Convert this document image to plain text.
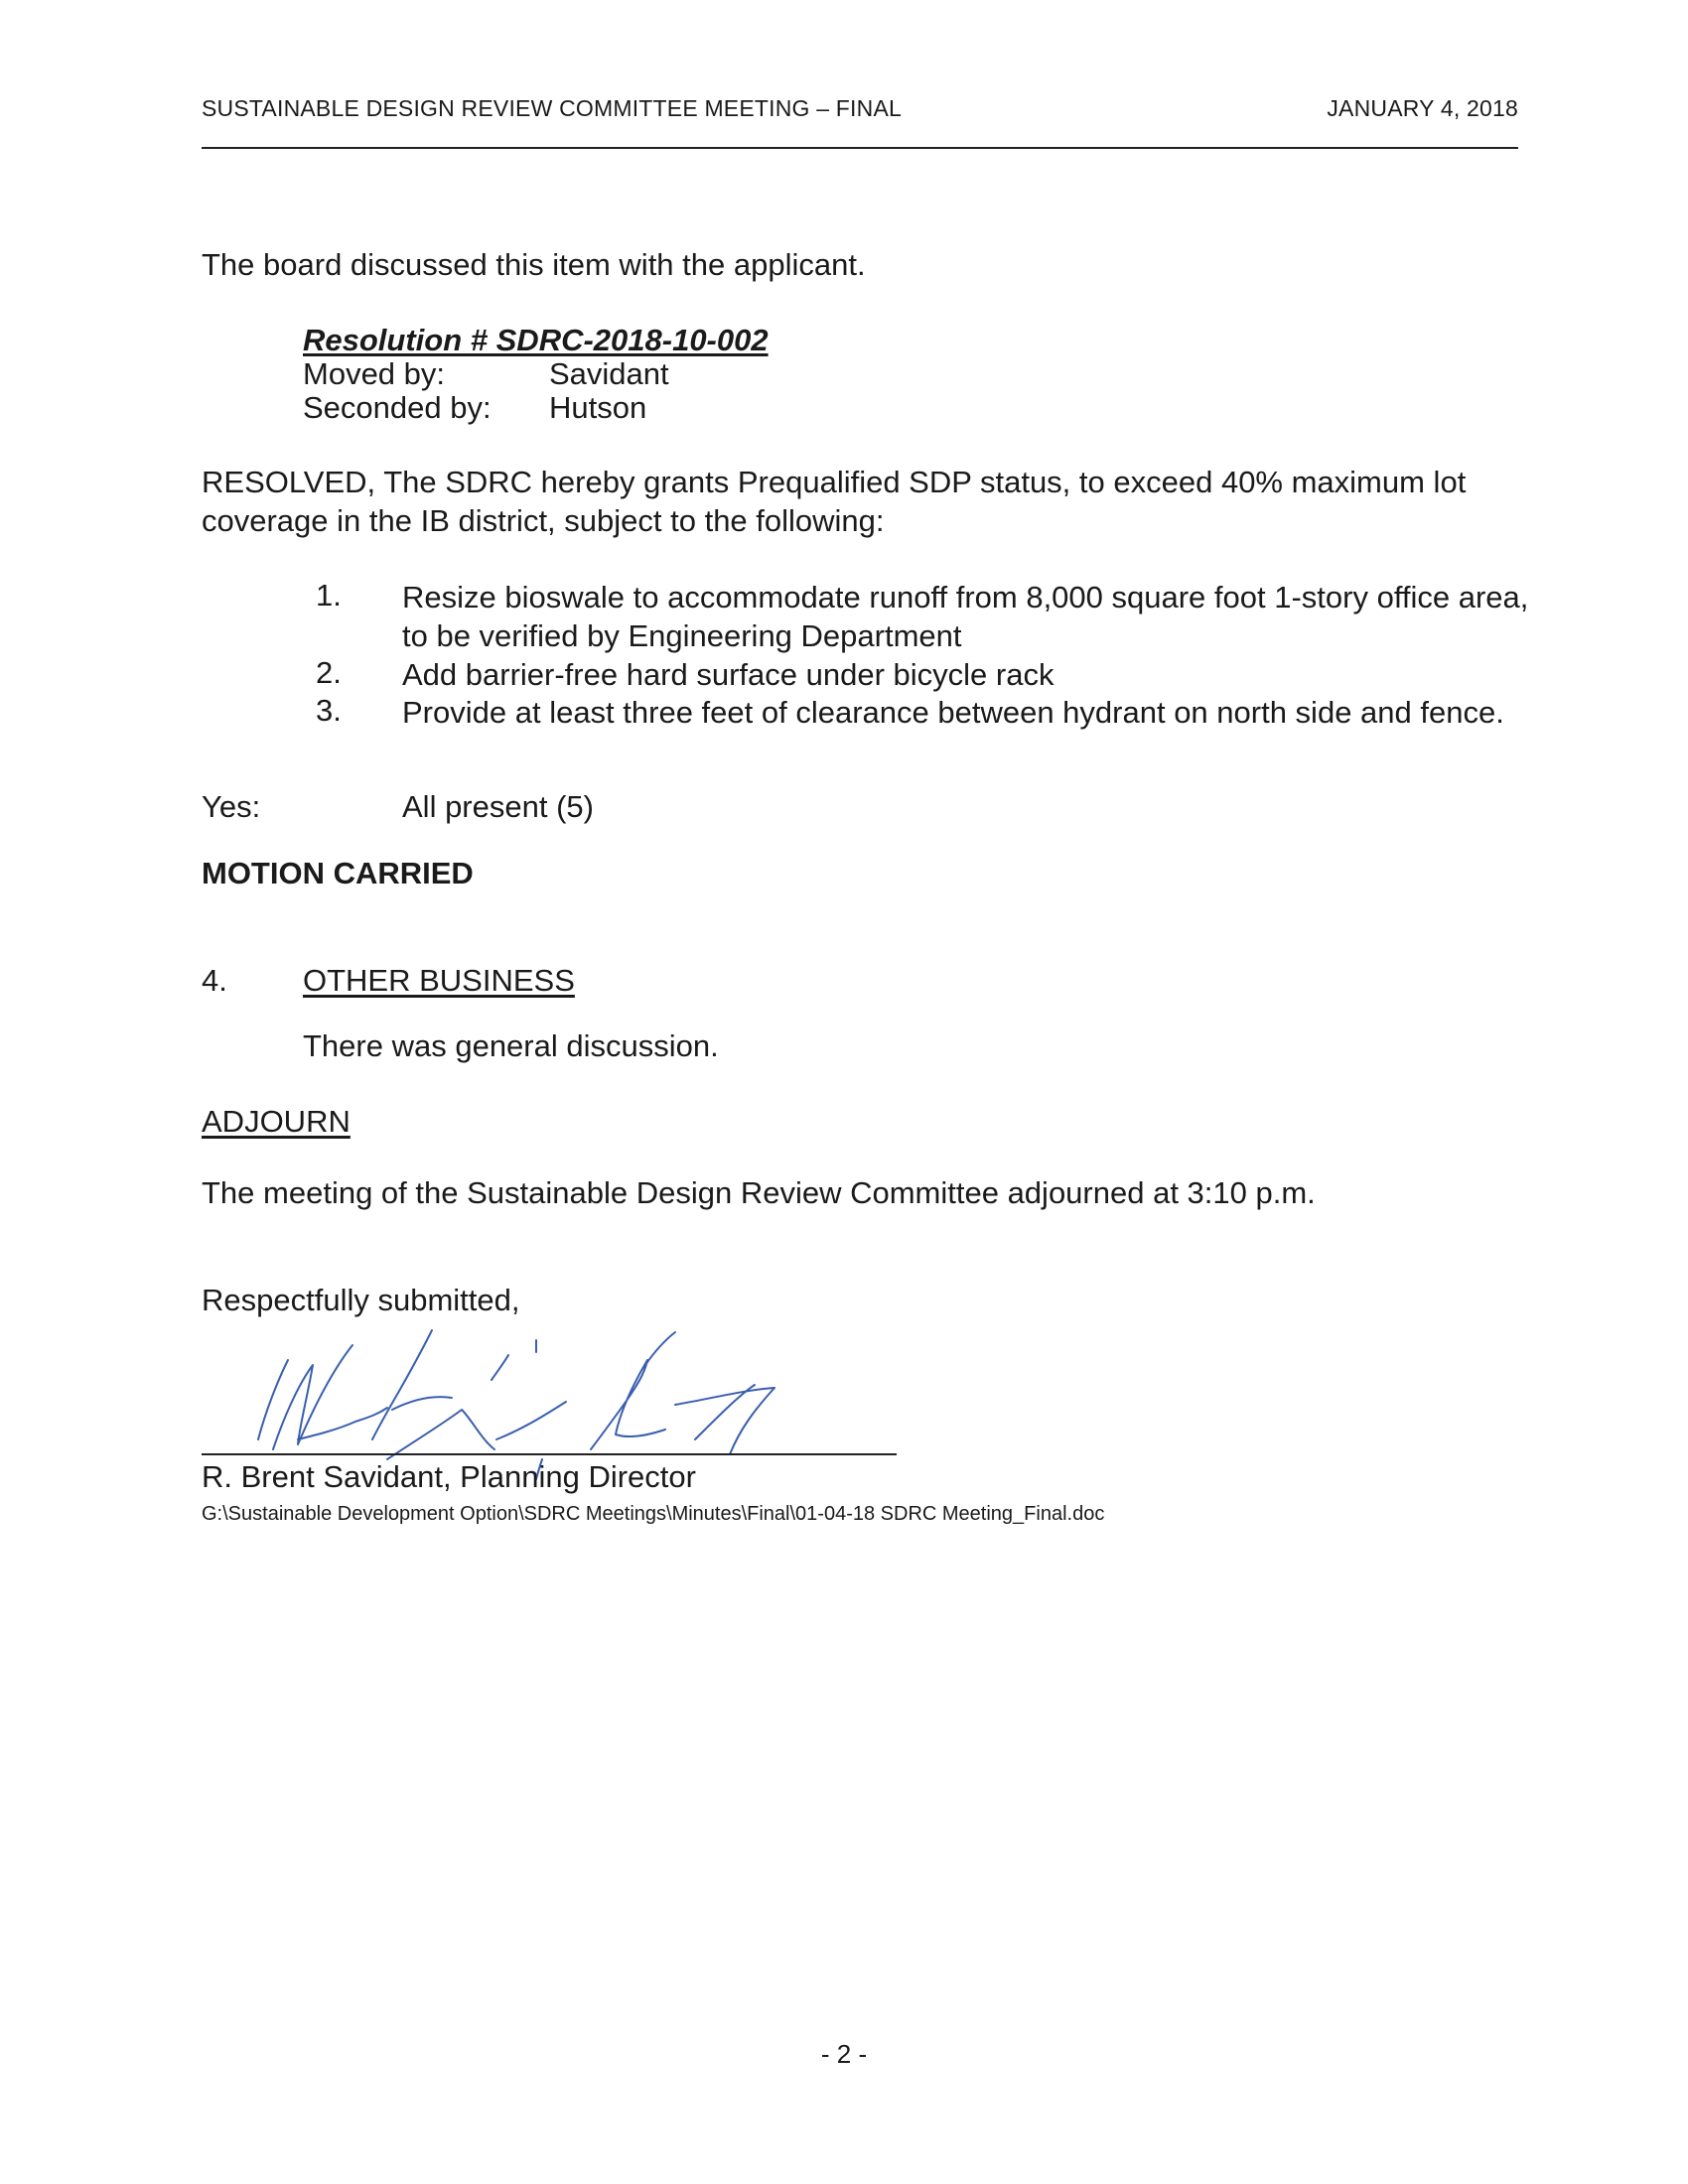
SUSTAINABLE DESIGN REVIEW COMMITTEE MEETING – FINAL	JANUARY 4, 2018
The board discussed this item with the applicant.
Resolution # SDRC-2018-10-002
Moved by:	Savidant
Seconded by: Hutson
RESOLVED, The SDRC hereby grants Prequalified SDP status, to exceed 40% maximum lot coverage in the IB district, subject to the following:
1. Resize bioswale to accommodate runoff from 8,000 square foot 1-story office area, to be verified by Engineering Department
2. Add barrier-free hard surface under bicycle rack
3. Provide at least three feet of clearance between hydrant on north side and fence.
Yes:	All present (5)
MOTION CARRIED
4. OTHER BUSINESS
There was general discussion.
ADJOURN
The meeting of the Sustainable Design Review Committee adjourned at 3:10 p.m.
Respectfully submitted,
R. Brent Savidant, Planning Director
G:\Sustainable Development Option\SDRC Meetings\Minutes\Final\01-04-18 SDRC Meeting_Final.doc
- 2 -
